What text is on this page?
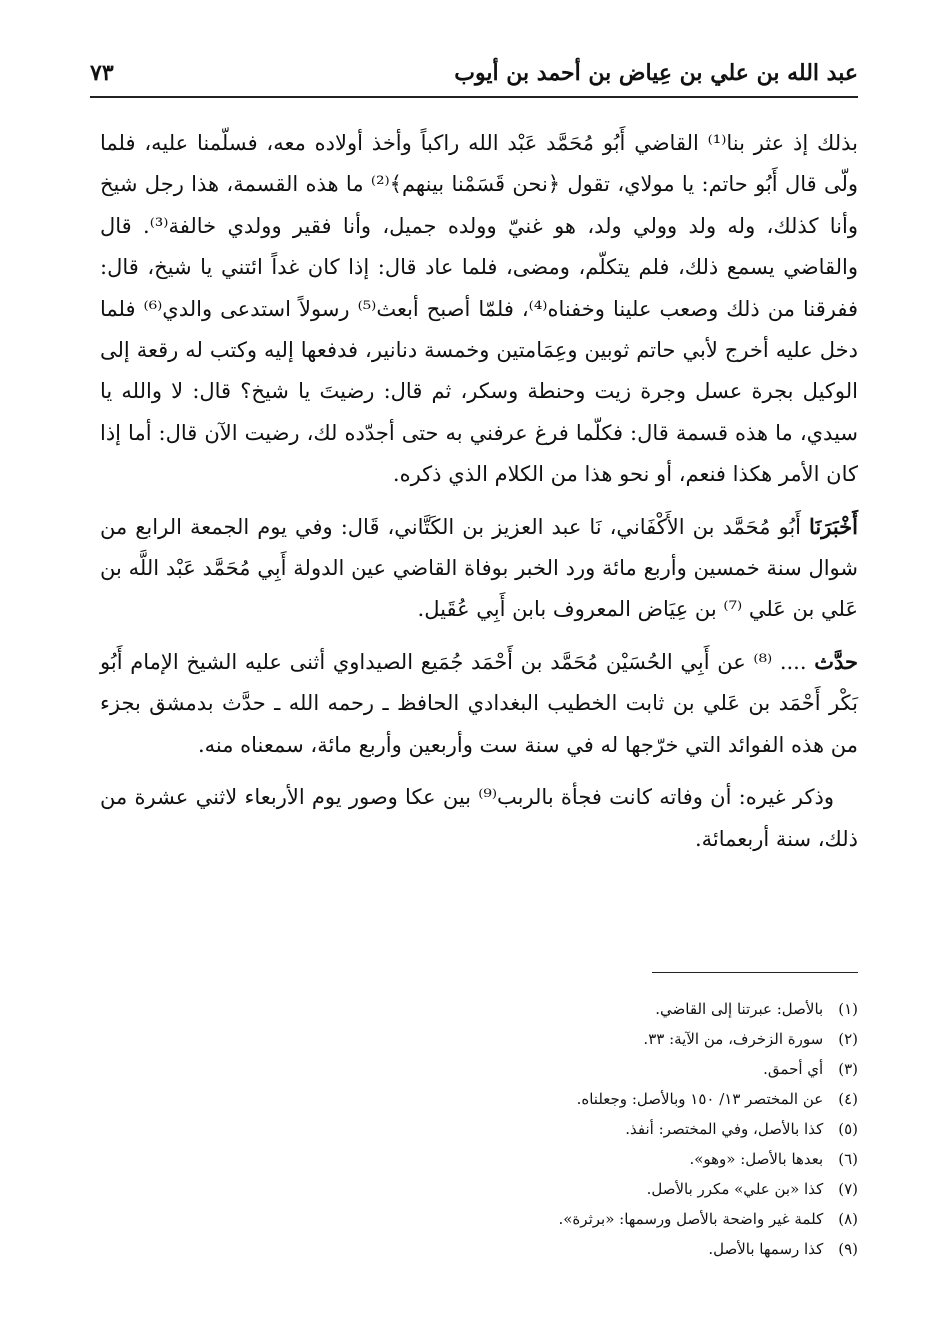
عبد الله بن علي بن عِياض بن أحمد بن أيوب
٧٣

بذلك إذ عثر بنا⁽¹⁾ القاضي أَبُو مُحَمَّد عَبْد الله راكباً وأخذ أولاده معه، فسلّمنا عليه، فلما ولّى قال أَبُو حاتم: يا مولاي، تقول ﴿نحن قَسَمْنا بينهم﴾⁽²⁾ ما هذه القسمة، هذا رجل شيخ وأنا كذلك، وله ولد وولي ولد، هو غنيّ وولده جميل، وأنا فقير وولدي خالفة⁽³⁾. قال والقاضي يسمع ذلك، فلم يتكلّم، ومضى، فلما عاد قال: إذا كان غداً ائتني يا شيخ، قال: ففرقنا من ذلك وصعب علينا وخفناه⁽⁴⁾، فلمّا أصبح أبعث⁽⁵⁾ رسولاً استدعى والدي⁽⁶⁾ فلما دخل عليه أخرج لأبي حاتم ثوبين وعِمَامتين وخمسة دنانير، فدفعها إليه وكتب له رقعة إلى الوكيل بجرة عسل وجرة زيت وحنطة وسكر، ثم قال: رضيتَ يا شيخ؟ قال: لا والله يا سيدي، ما هذه قسمة قال: فكلّما فرغ عرفني به حتى أجدّده لك، رضيت الآن قال: أما إذا كان الأمر هكذا فنعم، أو نحو هذا من الكلام الذي ذكره.

أَخْبَرَنَا أَبُو مُحَمَّد بن الأَكْفَاني، نَا عبد العزيز بن الكَتَّاني، قَال: وفي يوم الجمعة الرابع من شوال سنة خمسين وأربع مائة ورد الخبر بوفاة القاضي عين الدولة أَبِي مُحَمَّد عَبْد اللَّه بن عَلي بن عَلي ⁽⁷⁾ بن عِيَاض المعروف بابن أَبِي عُقَيل.

حدَّث .... ⁽⁸⁾ عن أَبِي الحُسَيْن مُحَمَّد بن أَحْمَد جُمَيع الصيداوي أثنى عليه الشيخ الإمام أَبُو بَكْر أَحْمَد بن عَلي بن ثابت الخطيب البغدادي الحافظ ـ رحمه الله ـ حدَّث بدمشق بجزء من هذه الفوائد التي خرّجها له في سنة ست وأربعين وأربع مائة، سمعناه منه.

وذكر غيره: أن وفاته كانت فجأة بالربب⁽⁹⁾ بين عكا وصور يوم الأربعاء لاثني عشرة من ذلك، سنة أربعمائة.

(١) بالأصل: عبرتنا إلى القاضي.
(٢) سورة الزخرف، من الآية: ٣٣.
(٣) أي أحمق.
(٤) عن المختصر ١٣/ ١٥٠ وبالأصل: وجعلناه.
(٥) كذا بالأصل، وفي المختصر: أنفذ.
(٦) بعدها بالأصل: «وهو».
(٧) كذا «بن علي» مكرر بالأصل.
(٨) كلمة غير واضحة بالأصل ورسمها: «برثرة».
(٩) كذا رسمها بالأصل.
